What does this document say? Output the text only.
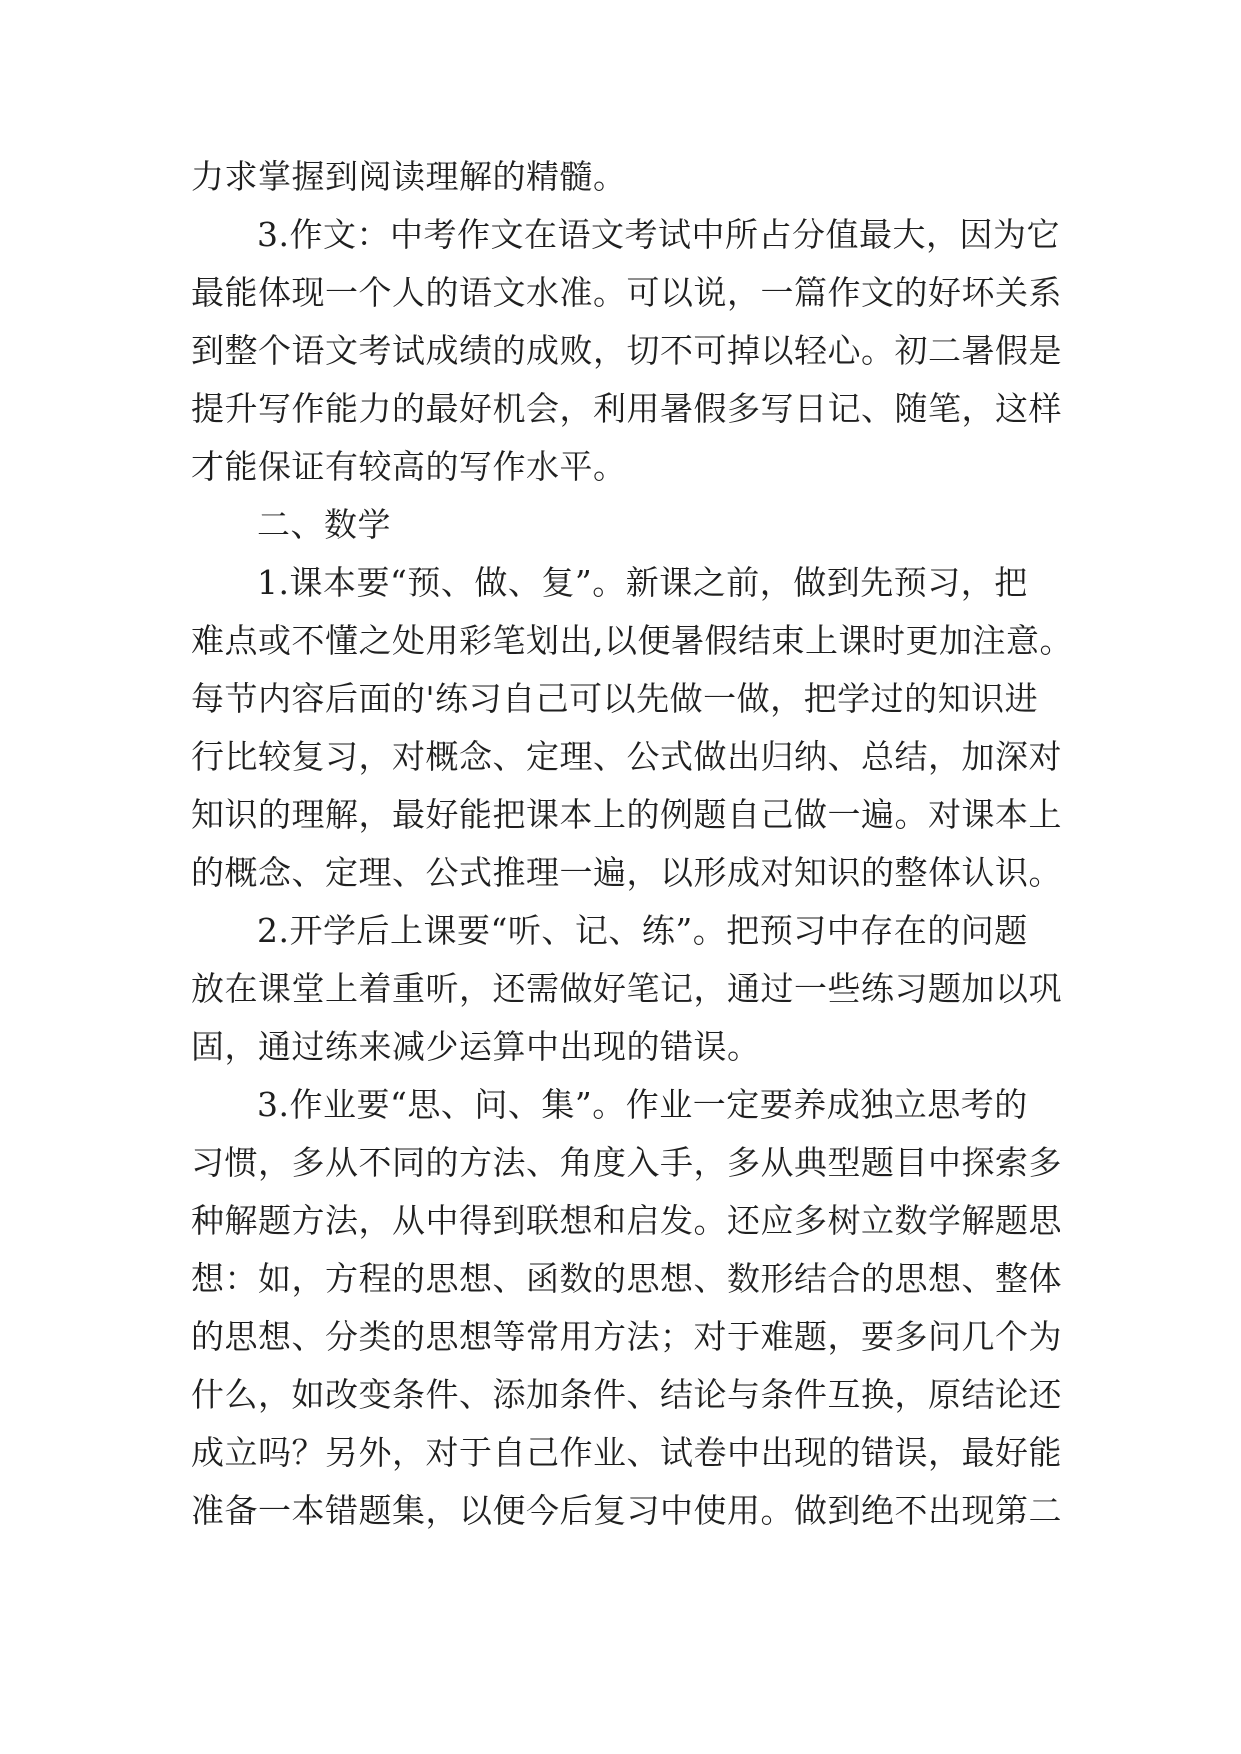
力求掌握到阅读理解的精髓。
3.作文：中考作文在语文考试中所占分值最大，因为它
最能体现一个人的语文水准。可以说，一篇作文的好坏关系
到整个语文考试成绩的成败，切不可掉以轻心。初二暑假是
提升写作能力的最好机会，利用暑假多写日记、随笔，这样
才能保证有较高的写作水平。
二、数学
1.课本要“预、做、复”。新课之前，做到先预习，把
难点或不懂之处用彩笔划出,以便暑假结束上课时更加注意。
每节内容后面的'练习自己可以先做一做，把学过的知识进
行比较复习，对概念、定理、公式做出归纳、总结，加深对
知识的理解，最好能把课本上的例题自己做一遍。对课本上
的概念、定理、公式推理一遍，以形成对知识的整体认识。
2.开学后上课要“听、记、练”。把预习中存在的问题
放在课堂上着重听，还需做好笔记，通过一些练习题加以巩
固，通过练来减少运算中出现的错误。
3.作业要“思、问、集”。作业一定要养成独立思考的
习惯，多从不同的方法、角度入手，多从典型题目中探索多
种解题方法，从中得到联想和启发。还应多树立数学解题思
想：如，方程的思想、函数的思想、数形结合的思想、整体
的思想、分类的思想等常用方法；对于难题，要多问几个为
什么，如改变条件、添加条件、结论与条件互换，原结论还
成立吗？另外，对于自己作业、试卷中出现的错误，最好能
准备一本错题集，以便今后复习中使用。做到绝不出现第二
